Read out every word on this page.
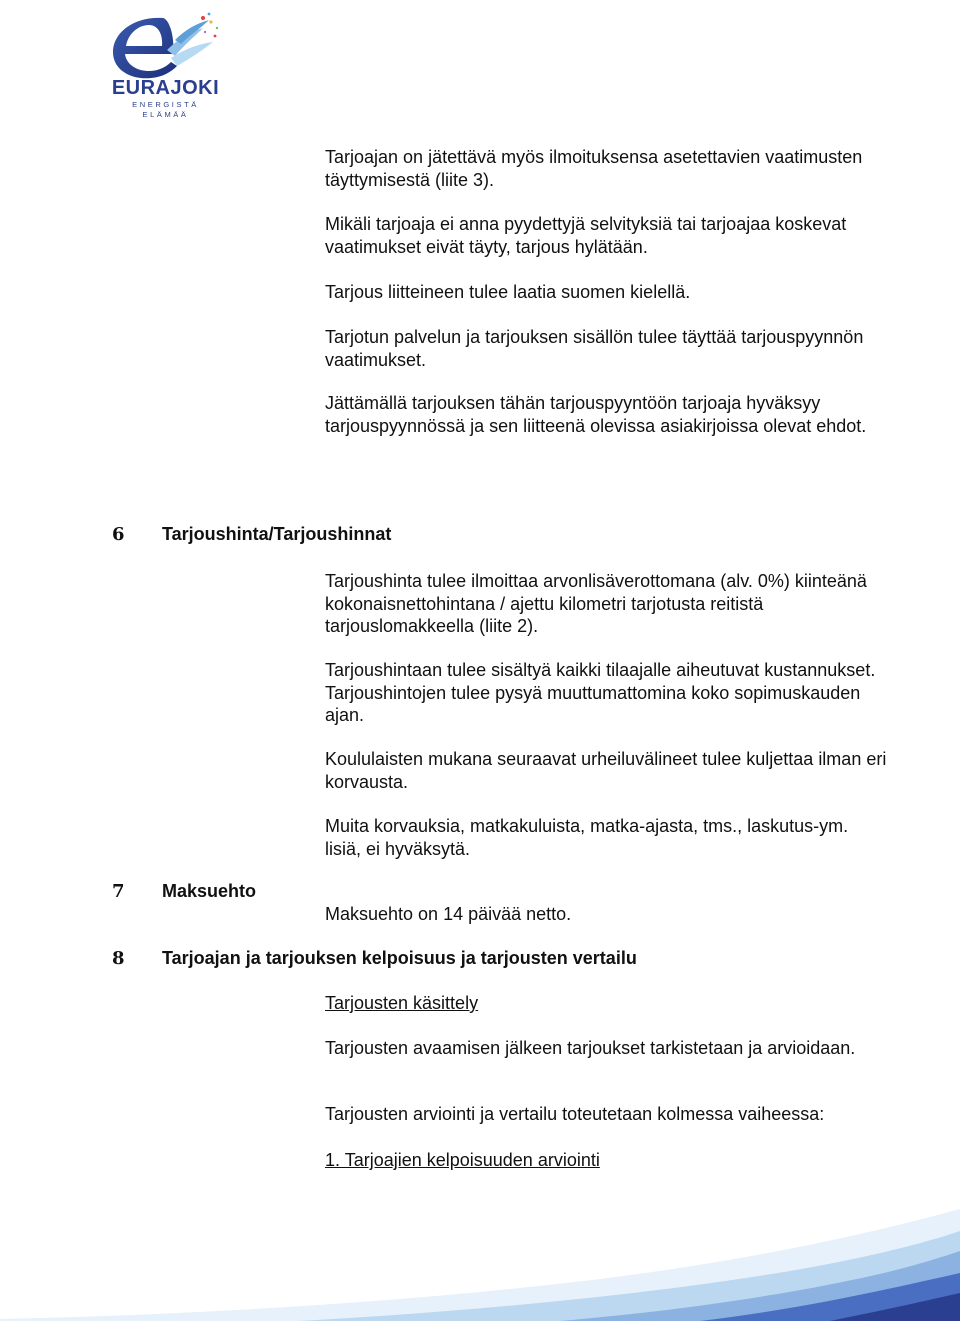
EURAJOKI
ENERGISTÄ ELÄMÄÄ

Tarjoajan on jätettävä myös ilmoituksensa asetettavien vaatimusten täyttymisestä (liite 3).

Mikäli tarjoaja ei anna pyydettyjä selvityksiä tai tarjoajaa koskevat vaatimukset eivät täyty, tarjous hylätään.

Tarjous liitteineen tulee laatia suomen kielellä.

Tarjotun palvelun ja tarjouksen sisällön tulee täyttää tarjouspyynnön vaatimukset.

Jättämällä tarjouksen tähän tarjouspyyntöön tarjoaja hyväksyy tarjouspyynnössä ja sen liitteenä olevissa asiakirjoissa olevat ehdot.

6 Tarjoushinta/Tarjoushinnat

Tarjoushinta tulee ilmoittaa arvonlisäverottomana (alv. 0%) kiinteänä kokonaisnettohintana / ajettu kilometri tarjotusta reitistä tarjouslomakkeella (liite 2).

Tarjoushintaan tulee sisältyä kaikki tilaajalle aiheutuvat kustannukset. Tarjoushintojen tulee pysyä muuttumattomina koko sopimuskauden ajan.

Koululaisten mukana seuraavat urheiluvälineet tulee kuljettaa ilman eri korvausta.

Muita korvauksia, matkakuluista, matka-ajasta, tms., laskutus-ym. lisiä, ei hyväksytä.

7 Maksuehto

Maksuehto on 14 päivää netto.

8 Tarjoajan ja tarjouksen kelpoisuus ja tarjousten vertailu

Tarjousten käsittely

Tarjousten avaamisen jälkeen tarjoukset tarkistetaan ja arvioidaan.

Tarjousten arviointi ja vertailu toteutetaan kolmessa vaiheessa:

1. Tarjoajien kelpoisuuden arviointi
